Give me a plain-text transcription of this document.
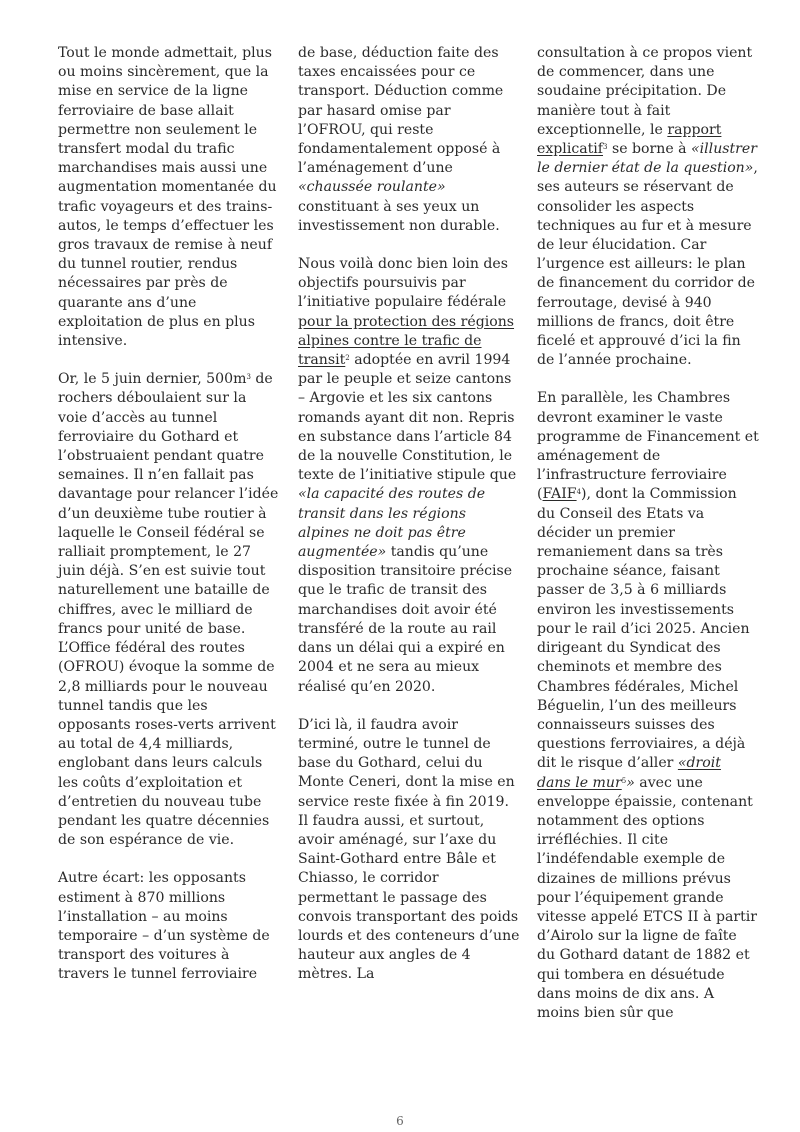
Tout le monde admettait, plus ou moins sincèrement, que la mise en service de la ligne ferroviaire de base allait permettre non seulement le transfert modal du trafic marchandises mais aussi une augmentation momentanée du trafic voyageurs et des trains-autos, le temps d’effectuer les gros travaux de remise à neuf du tunnel routier, rendus nécessaires par près de quarante ans d’une exploitation de plus en plus intensive.

Or, le 5 juin dernier, $500m^3$ de rochers déboulaient sur la voie d’accès au tunnel ferroviaire du Gothard et l’obstruaient pendant quatre semaines. Il n’en fallait pas davantage pour relancer l’idée d’un deuxième tube routier à laquelle le Conseil fédéral se ralliait promptement, le 27 juin déjà. S’en est suivie tout naturellement une bataille de chiffres, avec le milliard de francs pour unité de base. L’Office fédéral des routes (OFROU) évoque la somme de 2,8 milliards pour le nouveau tunnel tandis que les opposants roses-verts arrivent au total de 4,4 milliards, englobant dans leurs calculs les coûts d’exploitation et d’entretien du nouveau tube pendant les quatre décennies de son espérance de vie.

Autre écart: les opposants estiment à 870 millions l’installation – au moins temporaire – d’un système de transport des voitures à travers le tunnel ferroviaire

de base, déduction faite des taxes encaissées pour ce transport. Déduction comme par hasard omise par l’OFROU, qui reste fondamentalement opposé à l’aménagement d’une «chaussée roulante» constituant à ses yeux un investissement non durable.

Nous voilà donc bien loin des objectifs poursuivis par l’initiative populaire fédérale pour la protection des régions alpines contre le trafic de transit$^2$ adoptée en avril 1994 par le peuple et seize cantons – Argovie et les six cantons romands ayant dit non. Repris en substance dans l’article 84 de la nouvelle Constitution, le texte de l’initiative stipule que «la capacité des routes de transit dans les régions alpines ne doit pas être augmentée» tandis qu’une disposition transitoire précise que le trafic de transit des marchandises doit avoir été transféré de la route au rail dans un délai qui a expiré en 2004 et ne sera au mieux réalisé qu’en 2020.

D’ici là, il faudra avoir terminé, outre le tunnel de base du Gothard, celui du Monte Ceneri, dont la mise en service reste fixée à fin 2019. Il faudra aussi, et surtout, avoir aménagé, sur l’axe du Saint-Gothard entre Bâle et Chiasso, le corridor permettant le passage des convois transportant des poids lourds et des conteneurs d’une hauteur aux angles de 4 mètres. La

consultation à ce propos vient de commencer, dans une soudaine précipitation. De manière tout à fait exceptionnelle, le rapport explicatif$^3$ se borne à «illustrer le dernier état de la question», ses auteurs se réservant de consolider les aspects techniques au fur et à mesure de leur élucidation. Car l’urgence est ailleurs: le plan de financement du corridor de ferroutage, devisé à 940 millions de francs, doit être ficelé et approuvé d’ici la fin de l’année prochaine.

En parallèle, les Chambres devront examiner le vaste programme de Financement et aménagement de l’infrastructure ferroviaire (FAIF$^4$), dont la Commission du Conseil des Etats va décider un premier remaniement dans sa très prochaine séance, faisant passer de 3,5 à 6 milliards environ les investissements pour le rail d’ici 2025. Ancien dirigeant du Syndicat des cheminots et membre des Chambres fédérales, Michel Béguelin, l’un des meilleurs connaisseurs suisses des questions ferroviaires, a déjà dit le risque d’aller «droit dans le mur$^5$» avec une enveloppe épaissie, contenant notamment des options irréfléchies. Il cite l’indéfendable exemple de dizaines de millions prévus pour l’équipement grande vitesse appelé ETCS II à partir d’Airolo sur la ligne de faîte du Gothard datant de 1882 et qui tombera en désuétude dans moins de dix ans. A moins bien sûr que

6
